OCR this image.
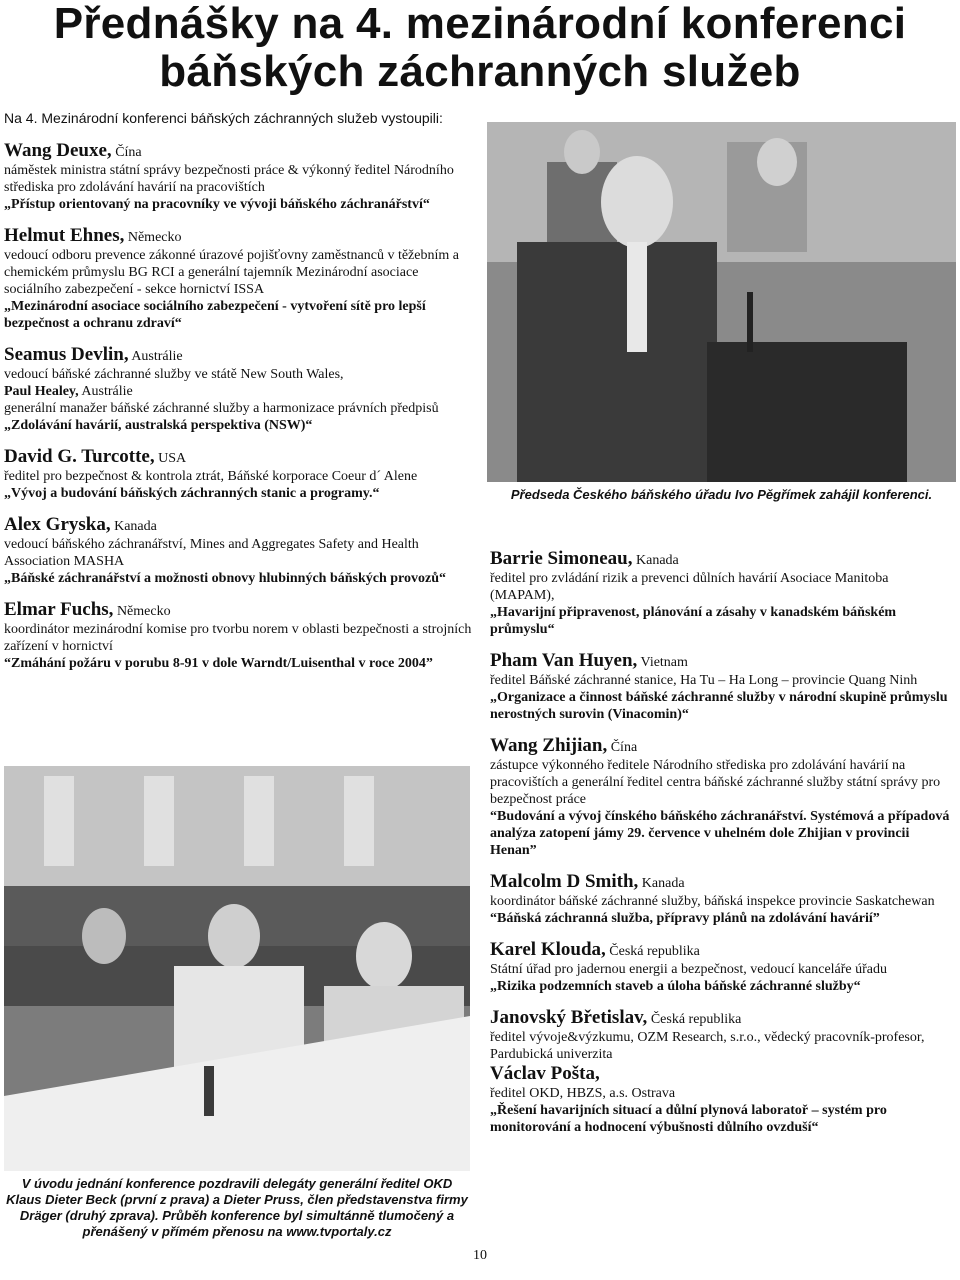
Přednášky na 4. mezinárodní konferenci
báňských záchranných služeb
Na 4. Mezinárodní konferenci báňských záchranných služeb vystoupili:
Wang Deuxe, Čína
náměstek ministra státní správy bezpečnosti práce & výkonný ředitel Národního střediska pro zdolávání havárií na pracovištích
„Přístup orientovaný na pracovníky ve vývoji báňského záchranářství“
Helmut Ehnes, Německo
vedoucí odboru prevence zákonné úrazové pojišťovny zaměstnanců v těžebním a chemickém průmyslu BG RCI a generální tajemník Mezinárodní asociace sociálního zabezpečení - sekce hornictví ISSA
„Mezinárodní asociace sociálního zabezpečení - vytvoření sítě pro lepší bezpečnost a ochranu zdraví“
Seamus Devlin, Austrálie
vedoucí báňské záchranné služby ve státě New South Wales,
Paul Healey, Austrálie
generální manažer báňské záchranné služby a harmonizace právních předpisů
„Zdolávání havárií, australská perspektiva (NSW)“
David G. Turcotte, USA
ředitel pro bezpečnost & kontrola ztrát, Báňské korporace Coeur d´ Alene
„Vývoj a budování báňských záchranných stanic a programy.“
Alex Gryska, Kanada
vedoucí báňského záchranářství, Mines and Aggregates Safety and Health Association MASHA
„Báňské záchranářství a možnosti obnovy hlubinných báňských provozů“
Elmar Fuchs, Německo
koordinátor mezinárodní komise pro tvorbu norem v oblasti bezpečnosti a strojních zařízení v hornictví
“Zmáhání požáru v porubu 8-91 v dole Warndt/Luisenthal v roce 2004”
Předseda Českého báňského úřadu Ivo Pěgřímek zahájil konferenci.
Barrie Simoneau, Kanada
ředitel pro zvládání rizik a prevenci důlních havárií Asociace Manitoba (MAPAM),
„Havarijní připravenost, plánování a zásahy v kanadském báňském průmyslu“
Pham Van Huyen, Vietnam
ředitel Báňské záchranné stanice, Ha Tu – Ha Long – provincie Quang Ninh
„Organizace a činnost báňské záchranné služby v národní skupině průmyslu nerostných surovin (Vinacomin)“
Wang Zhijian, Čína
zástupce výkonného ředitele Národního střediska pro zdolávání havárií na pracovištích a generální ředitel centra báňské záchranné služby státní správy pro bezpečnost práce
“Budování a vývoj čínského báňského záchranářství. Systémová a případová analýza zatopení jámy 29. července v uhelném dole Zhijian v provincii Henan”
Malcolm D Smith, Kanada
koordinátor báňské záchranné služby, báňská inspekce provincie Saskatchewan
“Báňská záchranná služba, přípravy plánů na zdolávání havárií”
Karel Klouda, Česká republika
Státní úřad pro jadernou energii a bezpečnost, vedoucí kanceláře úřadu
„Rizika podzemních staveb a úloha báňské záchranné služby“
Janovský Břetislav, Česká republika
ředitel vývoje&výzkumu, OZM Research, s.r.o., vědecký pracovník-profesor, Pardubická univerzita
Václav Pošta,
ředitel OKD, HBZS, a.s. Ostrava
„Řešení havarijních situací a důlní plynová laboratoř – systém pro monitorování a hodnocení výbušnosti důlního ovzduší“
V úvodu jednání konference pozdravili delegáty generální ředitel OKD Klaus Dieter Beck (první z prava) a Dieter Pruss, člen představenstva firmy Dräger (druhý zprava). Průběh konference byl simultánně tlumočený a přenášený v přímém přenosu na www.tvportaly.cz
10
